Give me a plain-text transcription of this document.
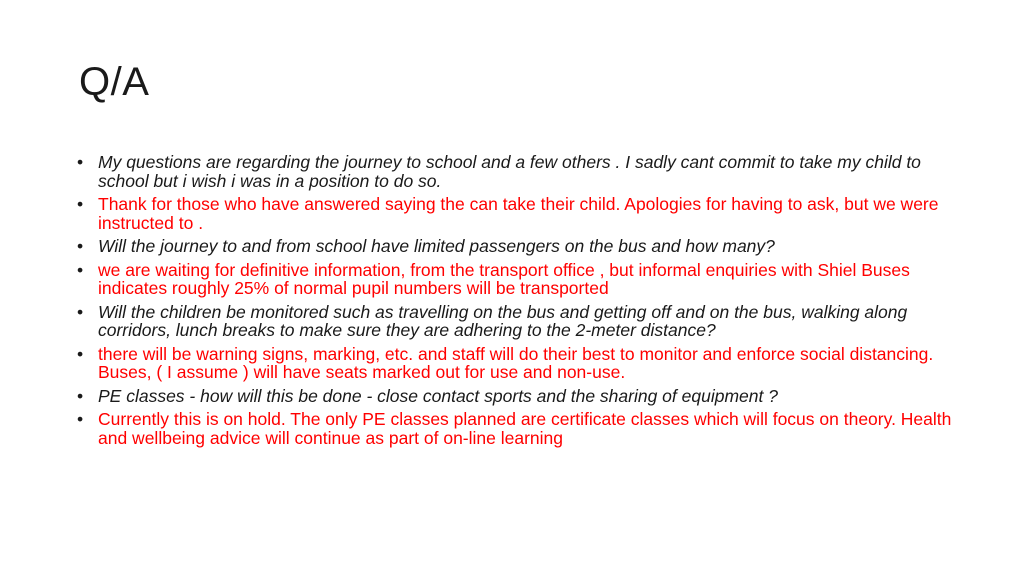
Q/A
• My questions are regarding the journey to school and a few others . I sadly cant commit to take my child to school but i wish i was in a position to do so.
• Thank for those who have answered saying the can take their child. Apologies for having to ask, but we were instructed to .
• Will the journey to and from school have limited passengers on the bus and how many?
• we are waiting for definitive information, from the transport office , but informal enquiries with Shiel Buses indicates roughly 25% of normal pupil numbers will be transported
• Will the children be monitored such as travelling on the bus and getting off and on the bus, walking along corridors, lunch breaks to make sure they are adhering to the 2-meter distance?
• there will be warning signs, marking, etc. and staff will do their best to monitor and enforce social distancing. Buses, ( I assume ) will have seats marked out for use and non-use.
• PE classes - how will this be done - close contact sports and the sharing of equipment ?
• Currently this is on hold. The only PE classes planned are certificate classes which will focus on theory. Health and wellbeing advice will continue as part of on-line learning
